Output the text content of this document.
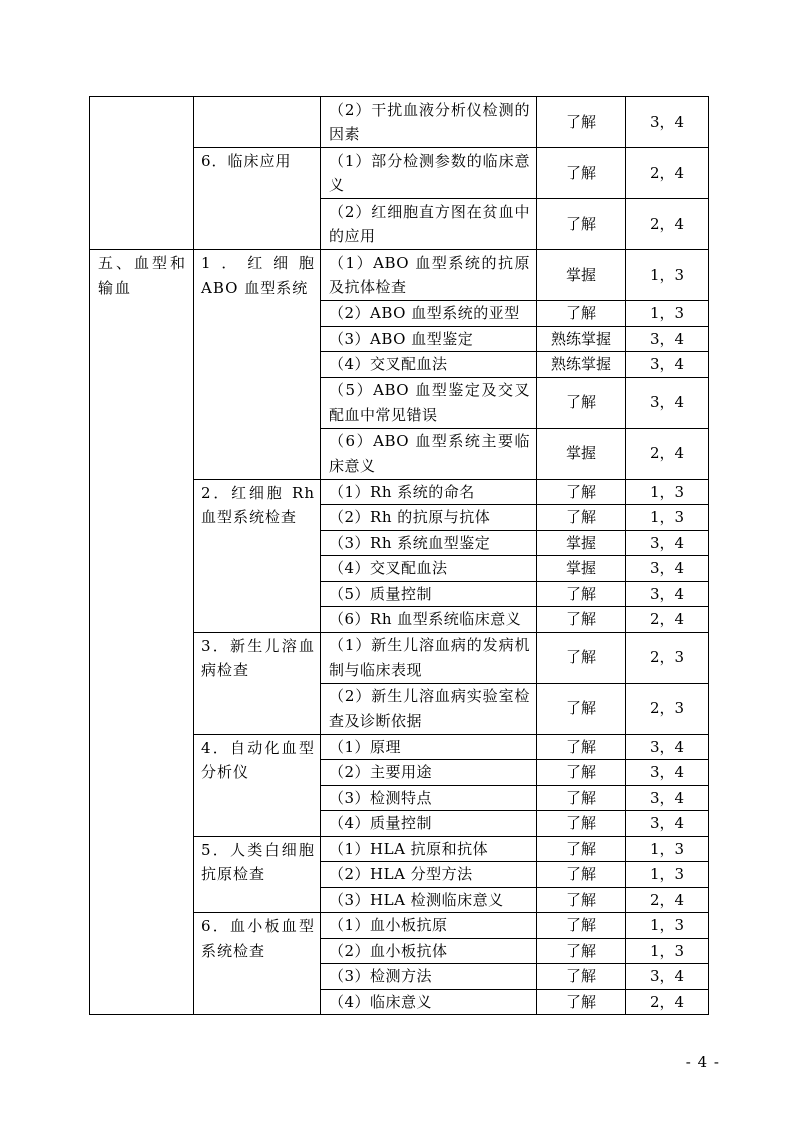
		（2）干扰血液分析仪检测的因素	了解	3，4
	6．临床应用	（1）部分检测参数的临床意义	了解	2，4
		（2）红细胞直方图在贫血中的应用	了解	2，4
五、血型和输血	1．红细胞 ABO 血型系统	（1）ABO 血型系统的抗原及抗体检查	掌握	1，3
		（2）ABO 血型系统的亚型	了解	1，3
		（3）ABO 血型鉴定	熟练掌握	3，4
		（4）交叉配血法	熟练掌握	3，4
		（5）ABO 血型鉴定及交叉配血中常见错误	了解	3，4
		（6）ABO 血型系统主要临床意义	掌握	2，4
	2．红细胞 Rh 血型系统检查	（1）Rh 系统的命名	了解	1，3
		（2）Rh 的抗原与抗体	了解	1，3
		（3）Rh 系统血型鉴定	掌握	3，4
		（4）交叉配血法	掌握	3，4
		（5）质量控制	了解	3，4
		（6）Rh 血型系统临床意义	了解	2，4
	3．新生儿溶血病检查	（1）新生儿溶血病的发病机制与临床表现	了解	2，3
		（2）新生儿溶血病实验室检查及诊断依据	了解	2，3
	4．自动化血型分析仪	（1）原理	了解	3，4
		（2）主要用途	了解	3，4
		（3）检测特点	了解	3，4
		（4）质量控制	了解	3，4
	5．人类白细胞抗原检查	（1）HLA 抗原和抗体	了解	1，3
		（2）HLA 分型方法	了解	1，3
		（3）HLA 检测临床意义	了解	2，4
	6．血小板血型系统检查	（1）血小板抗原	了解	1，3
		（2）血小板抗体	了解	1，3
		（3）检测方法	了解	3，4
		（4）临床意义	了解	2，4
- 4 -
